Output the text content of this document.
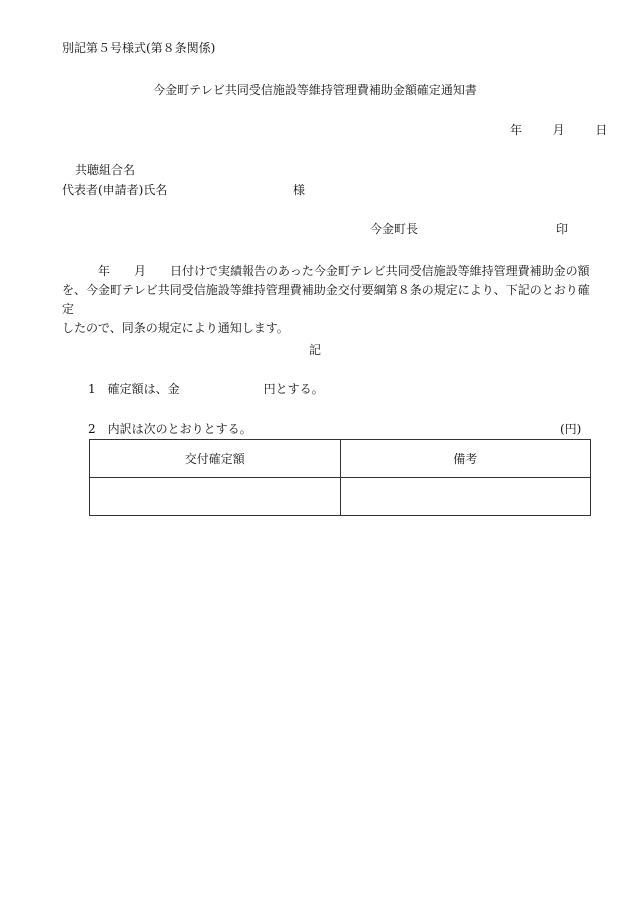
別記第５号様式(第８条関係)
今金町テレビ共同受信施設等維持管理費補助金額確定通知書
年	月	日
共聴組合名
代表者(申請者)氏名	様
今金町長	印

　　　年　　月　　日付けで実績報告のあった今金町テレビ共同受信施設等維持管理費補助金の額

を、今金町テレビ共同受信施設等維持管理費補助金交付要綱第８条の規定により、下記のとおり確定

したので、同条の規定により通知します。

記
1　確定額は、金　　　　　　　円とする。
2　内訳は次のとおりとする。	(円)
交付確定額	備考
